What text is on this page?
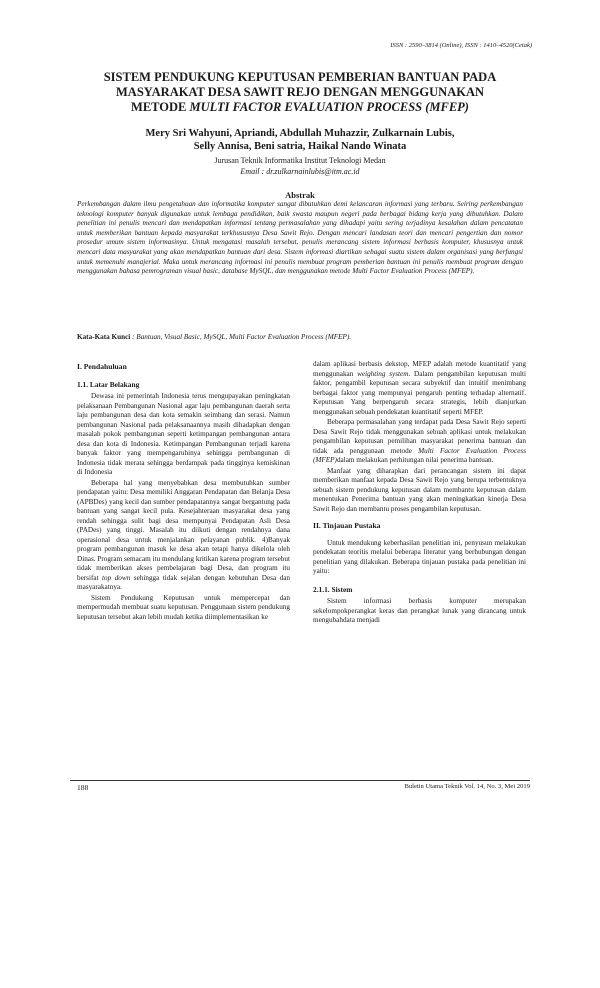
ISSN : 2590–3814 (Online), ISSN : 1410–4520(Cetak)
SISTEM PENDUKUNG KEPUTUSAN PEMBERIAN BANTUAN PADA
MASYARAKAT DESA SAWIT REJO DENGAN MENGGUNAKAN
METODE MULTI FACTOR EVALUATION PROCESS (MFEP)
Mery Sri Wahyuni, Apriandi, Abdullah Muhazzir, Zulkarnain Lubis,
Selly Annisa, Beni satria, Haikal Nando Winata
Jurusan Teknik Informatika Institut Teknologi Medan
Email : dr.zulkarnainlubis@itm.ac.id
Abstrak

Perkembangan dalam ilmu pengetahuan dan informatika komputer sangat dibutuhkan demi kelancaran informasi yang terbaru. Seiring perkembangan teknologi komputer banyak digunakan untuk lembaga pendidikan, baik swasta maupun negeri pada berbagai bidang kerja yang dibutuhkan. Dalam penelitian ini penulis mencari dan mendapatkan informasi tentang permasalahan yang dihadapi yaitu sering terjadinya kesalahan dalam pencatatan untuk memberikan bantuan kepada masyarakat terkhususnya Desa Sawit Rejo. Dengan mencari landasan teori dan mencari pengertian dan nomor prosedur umum sistem informasinya. Untuk mengatasi masalah tersebut, penulis merancang sistem informasi berbasis komputer, khususnya untuk mencari data masyarakat yang akan mendapatkan bantuan dari desa. Sistem informasi diartikan sebagai suatu sistem dalam organisasi yang berfungsi untuk memenuhi manajerial. Maka untuk merancang informasi ini penulis membuat program pemberian bantuan ini penulis membuat program dengan menggunakan bahasa pemrograman visual basic, database MySQL, dan menggunakan metode Multi Factor Evaluation Process (MFEP).

Kata-Kata Kunci : Bantuan, Visual Basic, MySQL, Multi Factor Evaluation Process (MFEP).

I. Pendahuluan
1.1. Latar Belakang

Dewasa ini pemerintah Indonesia terus mengupayakan peningkatan pelaksanaan Pembangunan Nasional agar laju pembangunan daerah serta laju pembangunan desa dan kota semakin seimbang dan serasi. Namun pembangunan Nasional pada pelaksanaannya masih dihadapkan dengan masalah pokok pembangunan seperti ketimpangan pembangunan antara desa dan kota di Indonesia. Ketimpangan Pembangunan terjadi karena banyak faktor yang mempengaruhinya sehingga pembangunan di Indonesia tidak merata sehingga berdampak pada tingginya kemiskinan di Indonesia

Beberapa hal yang menyebabkan desa membutuhkan sumber pendapatan yaitu: Desa memiliki Anggaran Pendapatan dan Belanja Desa (APBDes) yang kecil dan sumber pendapatannya sangat bergantung pada bantuan yang sangat kecil pula. Kesejahteraan masyarakat desa yang rendah sehingga sulit bagi desa mempunyai Pendapatan Asli Desa (PADes) yang tinggi. Masalah itu diikuti dengan rendahnya dana operasional desa untuk menjalankan pelayanan publik. 4)Banyak program pembangunan masuk ke desa akan tetapi hanya dikelola oleh Dinas. Program semacam itu mendulang kritikan karena program tersebut tidak memberikan akses pembelajaran bagi Desa, dan program itu bersifat top down sehingga tidak sejalan dengan kebutuhan Desa dan masyarakatnya.

Sistem Pendukung Keputusan untuk mempercepat dan mempermudah membuat suatu keputusan. Penggunaan sistem pendukung keputusan tersebut akan lebih mudah ketika diimplementasikan ke

dalam aplikasi berbasis dekstop, MFEP adalah metode kuantitatif yang menggunakan weighting system. Dalam pengambilan keputusan multi faktor, pengambil keputusan secara subyektif dan intuitif menimbang berbagai faktor yang mempunyai pengaruh penting terhadap alternatif. Keputusan Yang berpengaruh secara strategis, lebih dianjurkan menggunakan sebuah pendekatan kuantitatif seperti MFEP.

Beberapa permasalahan yang terdapat pada Desa Sawit Rejo seperti Desa Sawit Rejo tidak menggunakan sebuah aplikasi untuk melakukan pengambilan keputusan pemilihan masyarakat penerima bantuan dan tidak ada penggunaan metode Multi Factor Evaluation Process (MFEP)dalam melakukan perhitungan nilai penerima bantuan.

Manfaat yang diharapkan dari perancangan sistem ini dapat memberikan manfaat kepada Desa Sawit Rejo yang berupa terbentuknya sebuah sistem pendukung keputusan dalam membantu keputusan dalam menentukan Penerima bantuan yang akan meningkatkan kinerja Desa Sawit Rejo dan membantu proses pengambilan keputusan.

II. Tinjauan Pustaka

Untuk mendukung keberhasilan penelitian ini, penyusun melakukan pendekatan teoritis melalui beberapa literatur yang berhubungan dengan penelitian yang dilakukan. Beberapa tinjauan pustaka pada penelitian ini yaitu:

2.1.1. Sistem

Sistem informasi berbasis komputer merupakan sekelompokperangkat keras dan perangkat lunak yang dirancang untuk mengubahdata menjadi

188	Buletin Utama Teknik Vol. 14, No. 3, Mei 2019
